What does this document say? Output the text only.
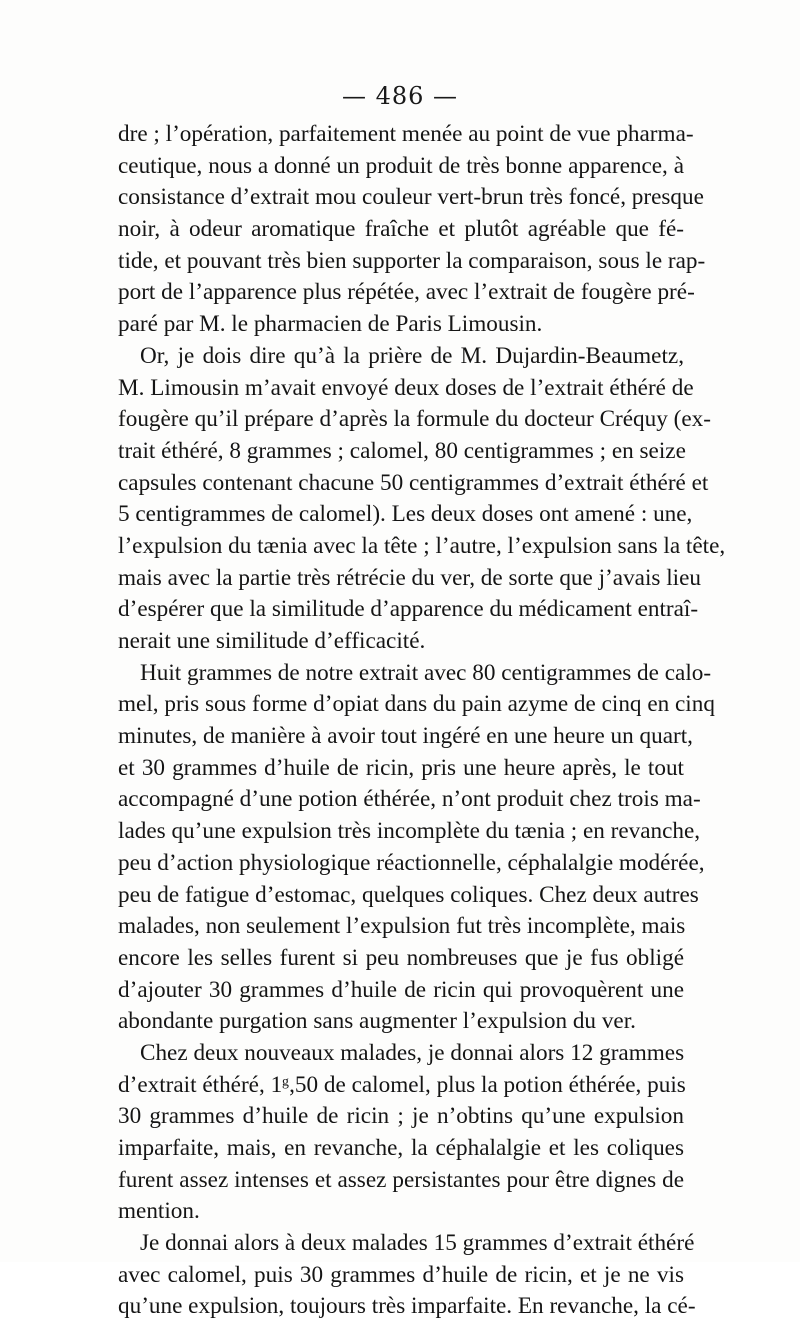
— 486 —
dre ; l’opération, parfaitement menée au point de vue pharma-
ceutique, nous a donné un produit de très bonne apparence, à
consistance d’extrait mou couleur vert-brun très foncé, presque
noir, à odeur aromatique fraîche et plutôt agréable que fé-
tide, et pouvant très bien supporter la comparaison, sous le rap-
port de l’apparence plus répétée, avec l’extrait de fougère pré-
paré par M. le pharmacien de Paris Limousin.
Or, je dois dire qu’à la prière de M. Dujardin-Beaumetz,
M. Limousin m’avait envoyé deux doses de l’extrait éthéré de
fougère qu’il prépare d’après la formule du docteur Créquy (ex-
trait éthéré, 8 grammes ; calomel, 80 centigrammes ; en seize
capsules contenant chacune 50 centigrammes d’extrait éthéré et
5 centigrammes de calomel). Les deux doses ont amené : une,
l’expulsion du tænia avec la tête ; l’autre, l’expulsion sans la tête,
mais avec la partie très rétrécie du ver, de sorte que j’avais lieu
d’espérer que la similitude d’apparence du médicament entraî-
nerait une similitude d’efficacité.
Huit grammes de notre extrait avec 80 centigrammes de calo-
mel, pris sous forme d’opiat dans du pain azyme de cinq en cinq
minutes, de manière à avoir tout ingéré en une heure un quart,
et 30 grammes d’huile de ricin, pris une heure après, le tout
accompagné d’une potion éthérée, n’ont produit chez trois ma-
lades qu’une expulsion très incomplète du tænia ; en revanche,
peu d’action physiologique réactionnelle, céphalalgie modérée,
peu de fatigue d’estomac, quelques coliques. Chez deux autres
malades, non seulement l’expulsion fut très incomplète, mais
encore les selles furent si peu nombreuses que je fus obligé
d’ajouter 30 grammes d’huile de ricin qui provoquèrent une
abondante purgation sans augmenter l’expulsion du ver.
Chez deux nouveaux malades, je donnai alors 12 grammes
d’extrait éthéré, 1ᵍ,50 de calomel, plus la potion éthérée, puis
30 grammes d’huile de ricin ; je n’obtins qu’une expulsion
imparfaite, mais, en revanche, la céphalalgie et les coliques
furent assez intenses et assez persistantes pour être dignes de
mention.
Je donnai alors à deux malades 15 grammes d’extrait éthéré
avec calomel, puis 30 grammes d’huile de ricin, et je ne vis
qu’une expulsion, toujours très imparfaite. En revanche, la cé-
